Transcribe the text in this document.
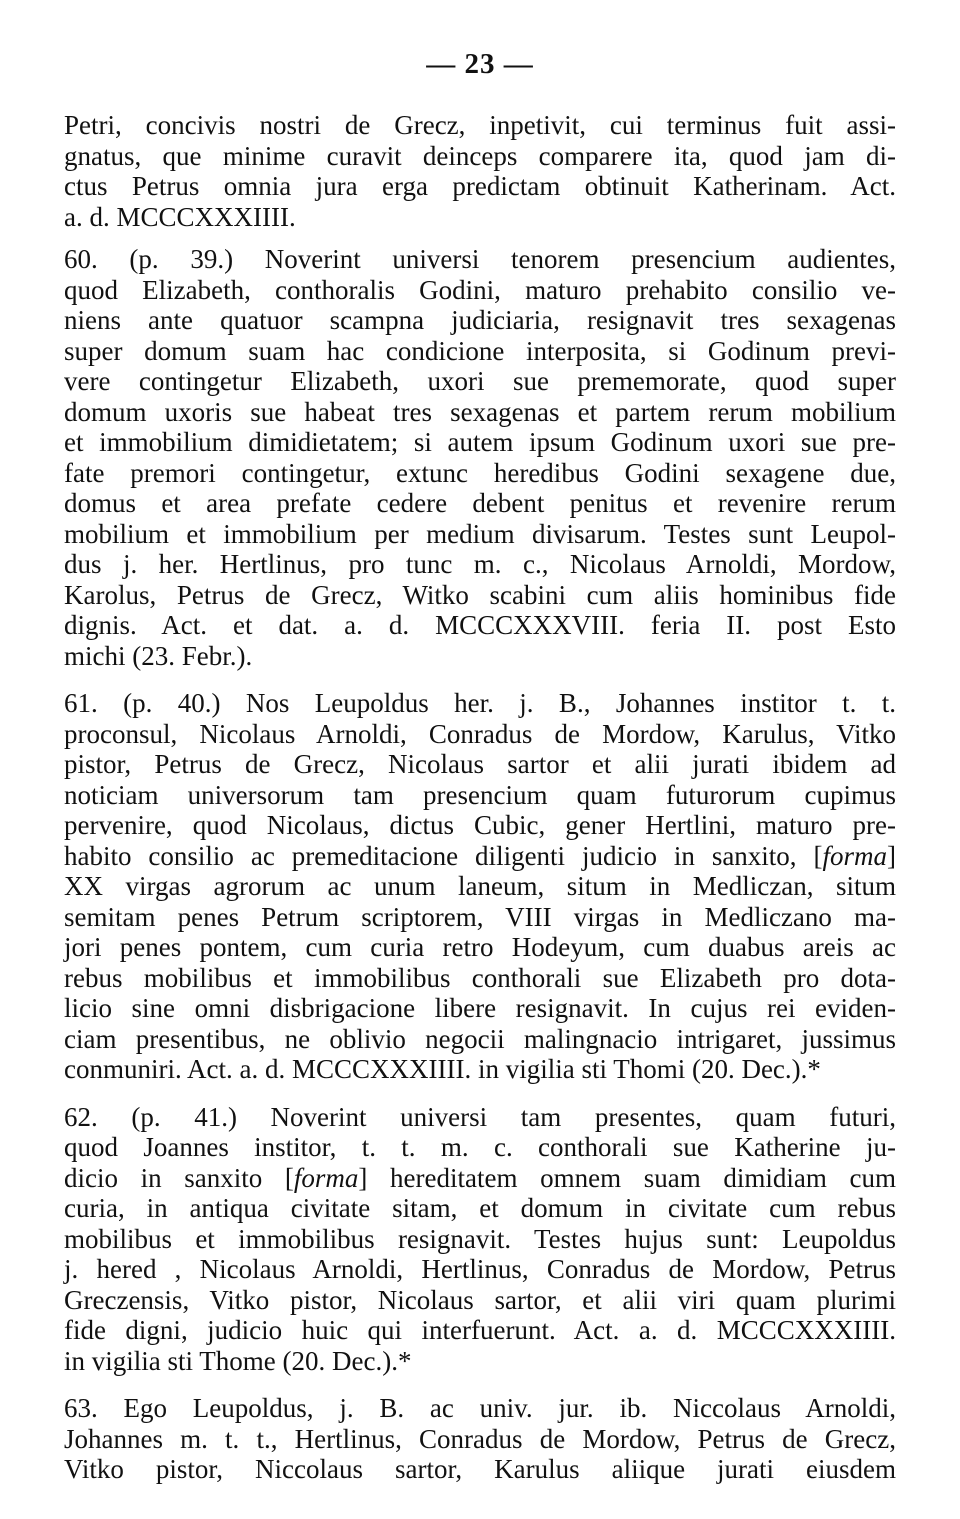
— 23 —
Petri, concivis nostri de Grecz, inpetivit, cui terminus fuit assi-
gnatus, que minime curavit deinceps comparere ita, quod jam di-
ctus Petrus omnia jura erga predictam obtinuit Katherinam. Act.
a. d. MCCCXXXIIII.
60. (p. 39.) Noverint universi tenorem presencium audientes,
quod Elizabeth, conthoralis Godini, maturo prehabito consilio ve-
niens ante quatuor scampna judiciaria, resignavit tres sexagenas
super domum suam hac condicione interposita, si Godinum previ-
vere contingetur Elizabeth, uxori sue prememorate, quod super
domum uxoris sue habeat tres sexagenas et partem rerum mobilium
et immobilium dimidietatem; si autem ipsum Godinum uxori sue pre-
fate premori contingetur, extunc heredibus Godini sexagene due,
domus et area prefate cedere debent penitus et revenire rerum
mobilium et immobilium per medium divisarum. Testes sunt Leupol-
dus j. her. Hertlinus, pro tunc m. c., Nicolaus Arnoldi, Mordow,
Karolus, Petrus de Grecz, Witko scabini cum aliis hominibus fide
dignis. Act. et dat. a. d. MCCCXXXVIII. feria II. post Esto
michi (23. Febr.).
61. (p. 40.) Nos Leupoldus her. j. B., Johannes institor t. t.
proconsul, Nicolaus Arnoldi, Conradus de Mordow, Karulus, Vitko
pistor, Petrus de Grecz, Nicolaus sartor et alii jurati ibidem ad
noticiam universorum tam presencium quam futurorum cupimus
pervenire, quod Nicolaus, dictus Cubic, gener Hertlini, maturo pre-
habito consilio ac premeditacione diligenti judicio in sanxito, [forma]
XX virgas agrorum ac unum laneum, situm in Medliczan, situm
semitam penes Petrum scriptorem, VIII virgas in Medliczano ma-
jori penes pontem, cum curia retro Hodeyum, cum duabus areis ac
rebus mobilibus et immobilibus conthorali sue Elizabeth pro dota-
licio sine omni disbrigacione libere resignavit. In cujus rei eviden-
ciam presentibus, ne oblivio negocii malingnacio intrigaret, jussimus
conmuniri. Act. a. d. MCCCXXXIIII. in vigilia sti Thomi (20. Dec.).*
62. (p. 41.) Noverint universi tam presentes, quam futuri,
quod Joannes institor, t. t. m. c. conthorali sue Katherine ju-
dicio in sanxito [forma] hereditatem omnem suam dimidiam cum
curia, in antiqua civitate sitam, et domum in civitate cum rebus
mobilibus et immobilibus resignavit. Testes hujus sunt: Leupoldus
j. hered , Nicolaus Arnoldi, Hertlinus, Conradus de Mordow, Petrus
Greczensis, Vitko pistor, Nicolaus sartor, et alii viri quam plurimi
fide digni, judicio huic qui interfuerunt. Act. a. d. MCCCXXXIIII.
in vigilia sti Thome (20. Dec.).*
63. Ego Leupoldus, j. B. ac univ. jur. ib. Niccolaus Arnoldi,
Johannes m. t. t., Hertlinus, Conradus de Mordow, Petrus de Grecz,
Vitko pistor, Niccolaus sartor, Karulus aliique jurati eiusdem
